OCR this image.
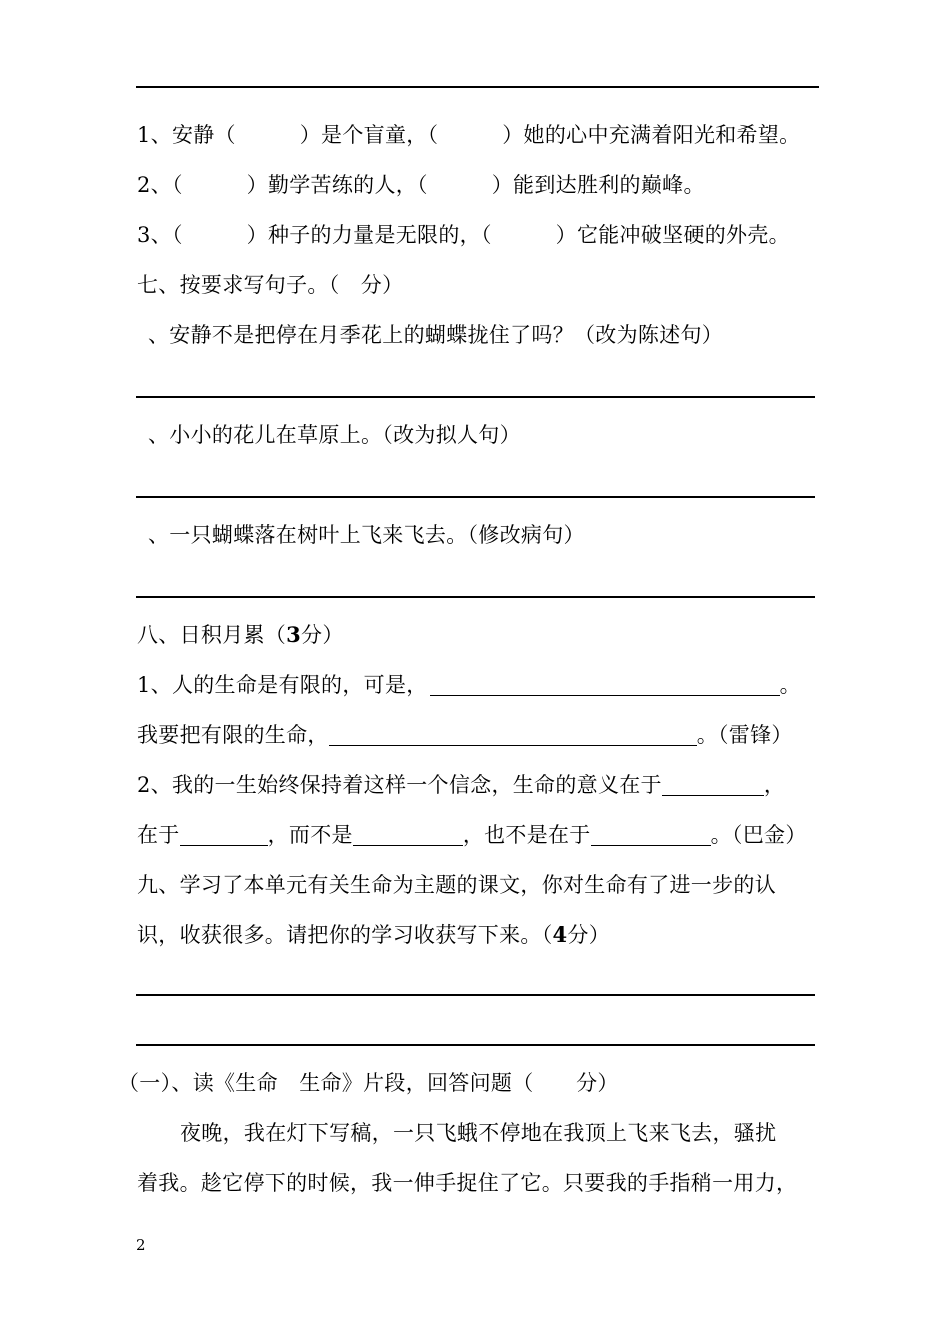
1、安静（　　　）是个盲童，（　　　）她的心中充满着阳光和希望。
2、（　　　）勤学苦练的人，（　　　）能到达胜利的巅峰。
3、（　　　）种子的力量是无限的，（　　　）它能冲破坚硬的外壳。
七、按要求写句子。（　分）
、安静不是把停在月季花上的蝴蝶拢住了吗？（改为陈述句）
、小小的花儿在草原上。（改为拟人句）
、一只蝴蝶落在树叶上飞来飞去。（修改病句）
八、日积月累（3分）
1、人的生命是有限的，可是，	。
我要把有限的生命，	。（雷锋）
2、我的一生始终保持着这样一个信念，生命的意义在于	，
在于	，而不是	，也不是在于	。（巴金）
九、学习了本单元有关生命为主题的课文，你对生命有了进一步的认
识，收获很多。请把你的学习收获写下来。（4分）
（一）、读《生命　生命》片段，回答问题（　　分）
夜晚，我在灯下写稿，一只飞蛾不停地在我顶上飞来飞去，骚扰
着我。趁它停下的时候，我一伸手捉住了它。只要我的手指稍一用力，
2
